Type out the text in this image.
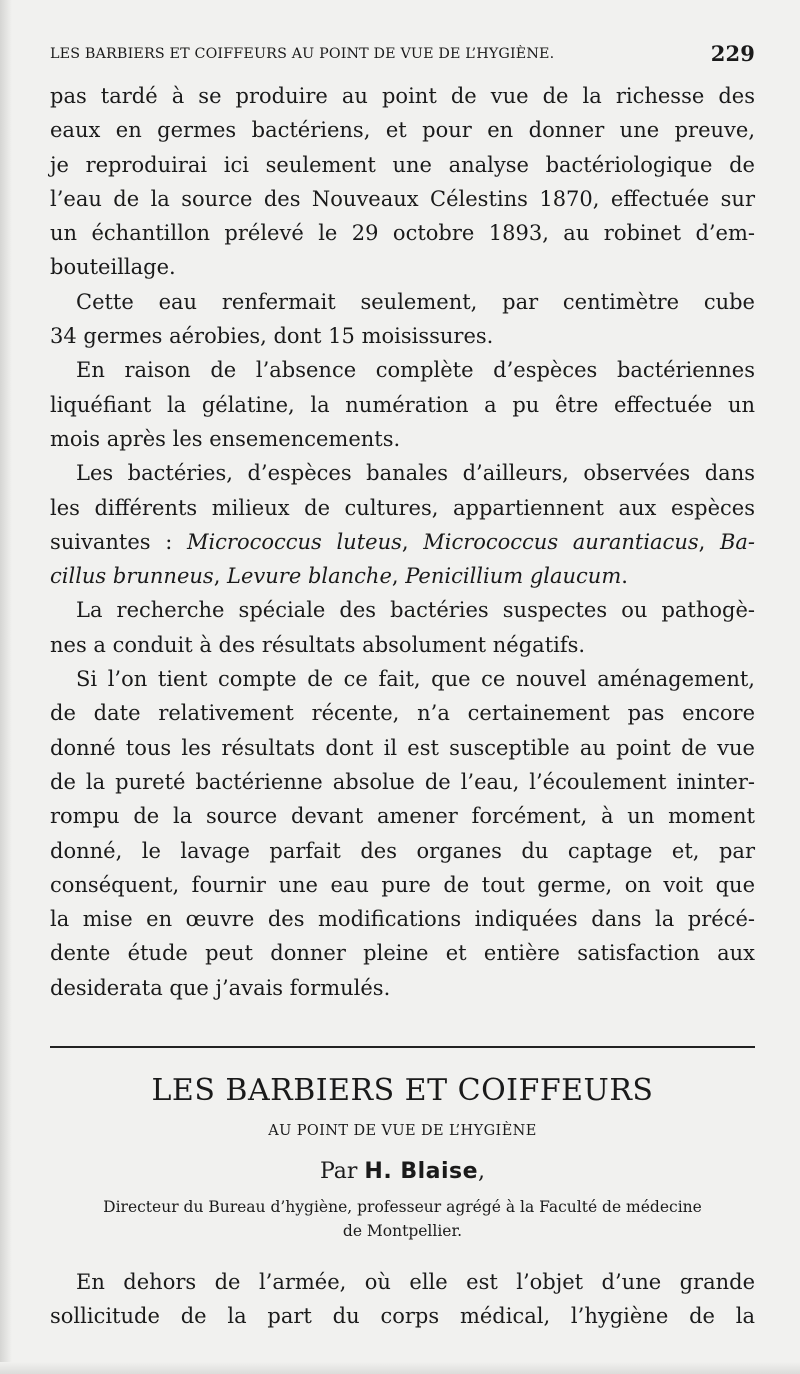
LES BARBIERS ET COIFFEURS AU POINT DE VUE DE L’HYGIÈNE.	229
pas tardé à se produire au point de vue de la richesse des
eaux en germes bactériens, et pour en donner une preuve,
je reproduirai ici seulement une analyse bactériologique de
l’eau de la source des Nouveaux Célestins 1870, effectuée sur
un échantillon prélevé le 29 octobre 1893, au robinet d’em-
bouteillage.
Cette eau renfermait seulement, par centimètre cube
34 germes aérobies, dont 15 moisissures.
En raison de l’absence complète d’espèces bactériennes
liquéfiant la gélatine, la numération a pu être effectuée un
mois après les ensemencements.
Les bactéries, d’espèces banales d’ailleurs, observées dans
les différents milieux de cultures, appartiennent aux espèces
suivantes : Micrococcus luteus, Micrococcus aurantiacus, Ba-
cillus brunneus, Levure blanche, Penicillium glaucum.
La recherche spéciale des bactéries suspectes ou pathogè-
nes a conduit à des résultats absolument négatifs.
Si l’on tient compte de ce fait, que ce nouvel aménagement,
de date relativement récente, n’a certainement pas encore
donné tous les résultats dont il est susceptible au point de vue
de la pureté bactérienne absolue de l’eau, l’écoulement ininter-
rompu de la source devant amener forcément, à un moment
donné, le lavage parfait des organes du captage et, par
conséquent, fournir une eau pure de tout germe, on voit que
la mise en œuvre des modifications indiquées dans la précé-
dente étude peut donner pleine et entière satisfaction aux
desiderata que j’avais formulés.
LES BARBIERS ET COIFFEURS
AU POINT DE VUE DE L’HYGIÈNE
Par H. Blaise,
Directeur du Bureau d’hygiène, professeur agrégé à la Faculté de médecine
de Montpellier.
En dehors de l’armée, où elle est l’objet d’une grande
sollicitude de la part du corps médical, l’hygiène de la
